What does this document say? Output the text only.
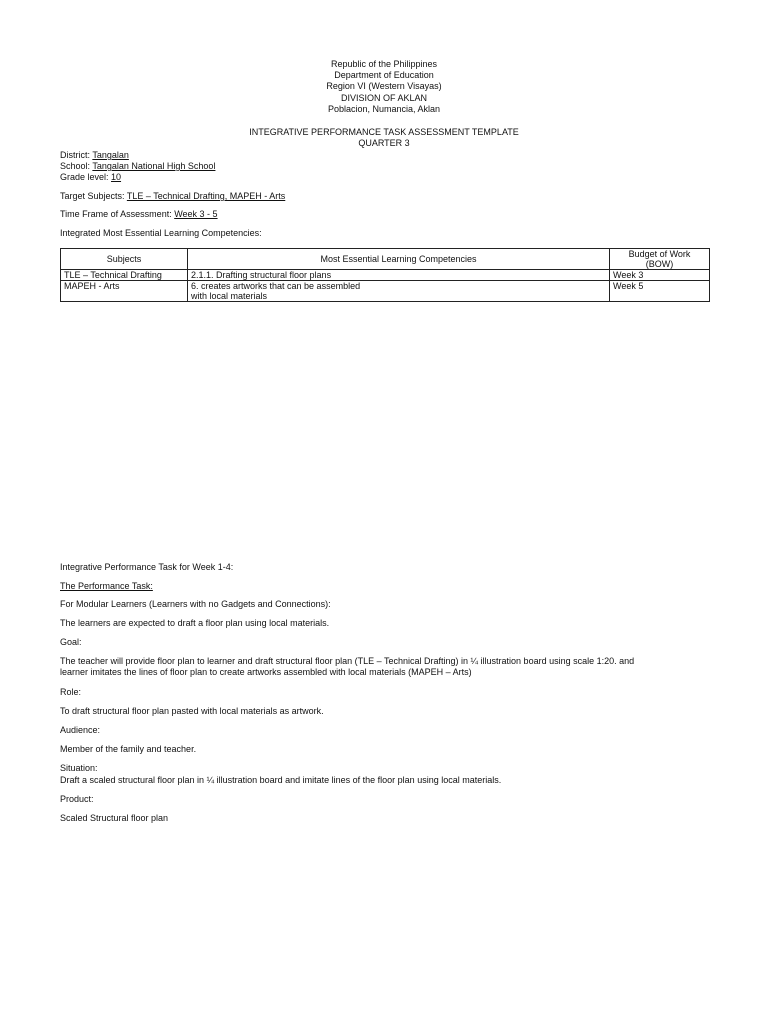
Republic of the Philippines
Department of Education
Region VI (Western Visayas)
DIVISION OF AKLAN
Poblacion, Numancia, Aklan
INTEGRATIVE PERFORMANCE TASK ASSESSMENT TEMPLATE
QUARTER 3
District: Tangalan
School: Tangalan National High School
Grade level: 10
Target Subjects: TLE – Technical Drafting, MAPEH - Arts
Time Frame of Assessment: Week 3 - 5
Integrated Most Essential Learning Competencies:
Subjects	Most Essential Learning Competencies	Budget of Work
(BOW)

TLE – Technical Drafting	2.1.1. Drafting structural floor plans	Week 3
MAPEH - Arts	6. creates artworks that can be assembled
with local materials	Week 5
Integrative Performance Task for Week 1-4:
The Performance Task:
For Modular Learners (Learners with no Gadgets and Connections):
The learners are expected to draft a floor plan using local materials.
Goal:
The teacher will provide floor plan to learner and draft structural floor plan (TLE – Technical Drafting) in ¼ illustration board using scale 1:20. and
learner imitates the lines of floor plan to create artworks assembled with local materials (MAPEH – Arts)
Role:
To draft structural floor plan pasted with local materials as artwork.
Audience:
Member of the family and teacher.
Situation:
Draft a scaled structural floor plan in ¼ illustration board and imitate lines of the floor plan using local materials.
Product:
Scaled Structural floor plan
